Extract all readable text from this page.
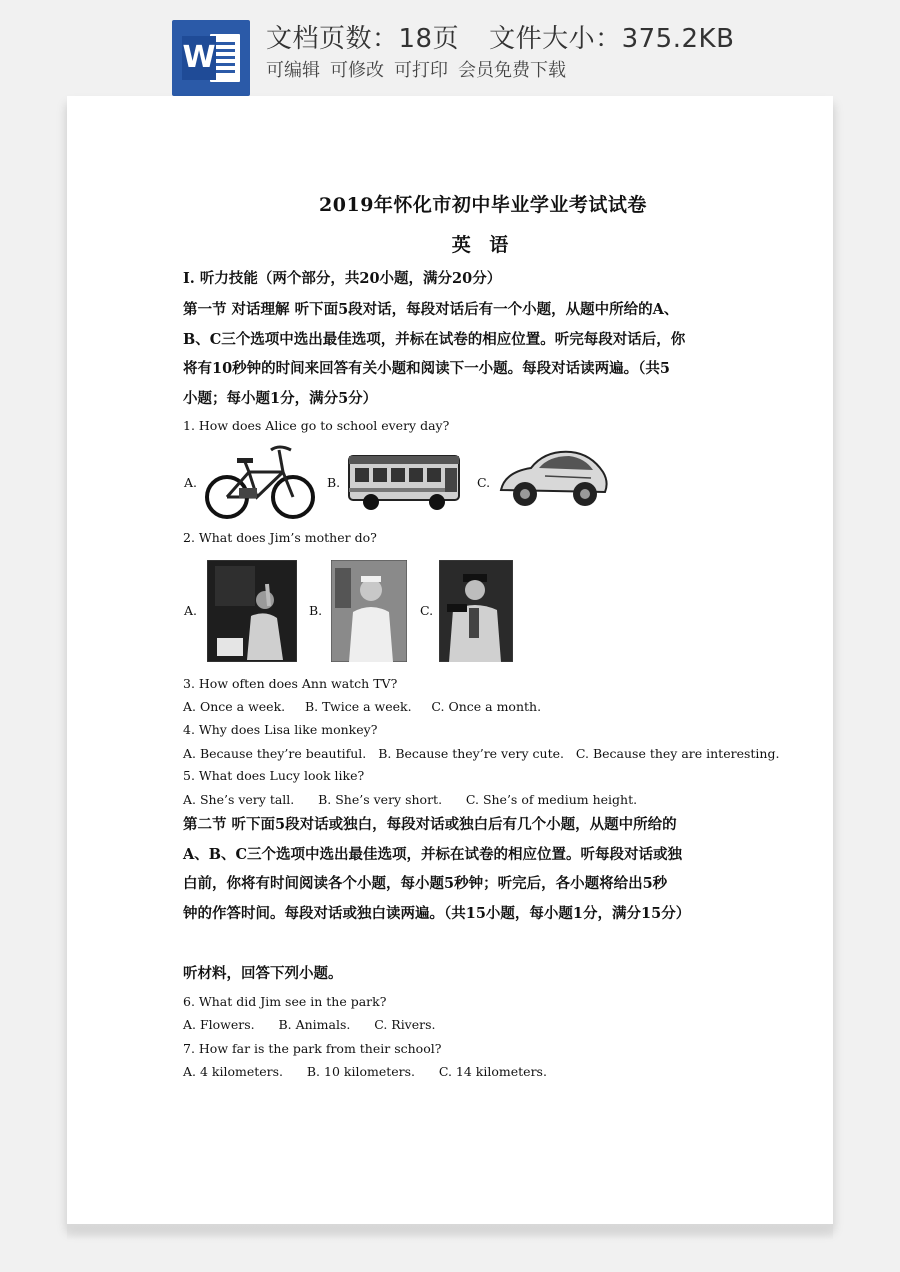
W
文档页数：18页 文件大小：375.2KB
可编辑 可修改 可打印 会员免费下载
2019年怀化市初中毕业学业考试试卷
英 语
I. 听力技能（两个部分，共20小题，满分20分）
第一节 对话理解 听下面5段对话，每段对话后有一个小题，从题中所给的A、
B、C三个选项中选出最佳选项，并标在试卷的相应位置。听完每段对话后，你
将有10秒钟的时间来回答有关小题和阅读下一小题。每段对话读两遍。（共5
小题；每小题1分，满分5分）
1. How does Alice go to school every day?
A.	B.	C.
2. What does Jim’s mother do?
A.	B.	C.
3. How often does Ann watch TV?
A. Once a week.     B. Twice a week.     C. Once a month.
4. Why does Lisa like monkey?
A. Because they’re beautiful.   B. Because they’re very cute.   C. Because they are interesting.
5. What does Lucy look like?
A. She’s very tall.      B. She’s very short.      C. She’s of medium height.
第二节 听下面5段对话或独白，每段对话或独白后有几个小题，从题中所给的
A、B、C三个选项中选出最佳选项，并标在试卷的相应位置。听每段对话或独
白前，你将有时间阅读各个小题，每小题5秒钟；听完后，各小题将给出5秒
钟的作答时间。每段对话或独白读两遍。（共15小题，每小题1分，满分15分）
听材料，回答下列小题。
6. What did Jim see in the park?
A. Flowers.      B. Animals.      C. Rivers.
7. How far is the park from their school?
A. 4 kilometers.      B. 10 kilometers.      C. 14 kilometers.
